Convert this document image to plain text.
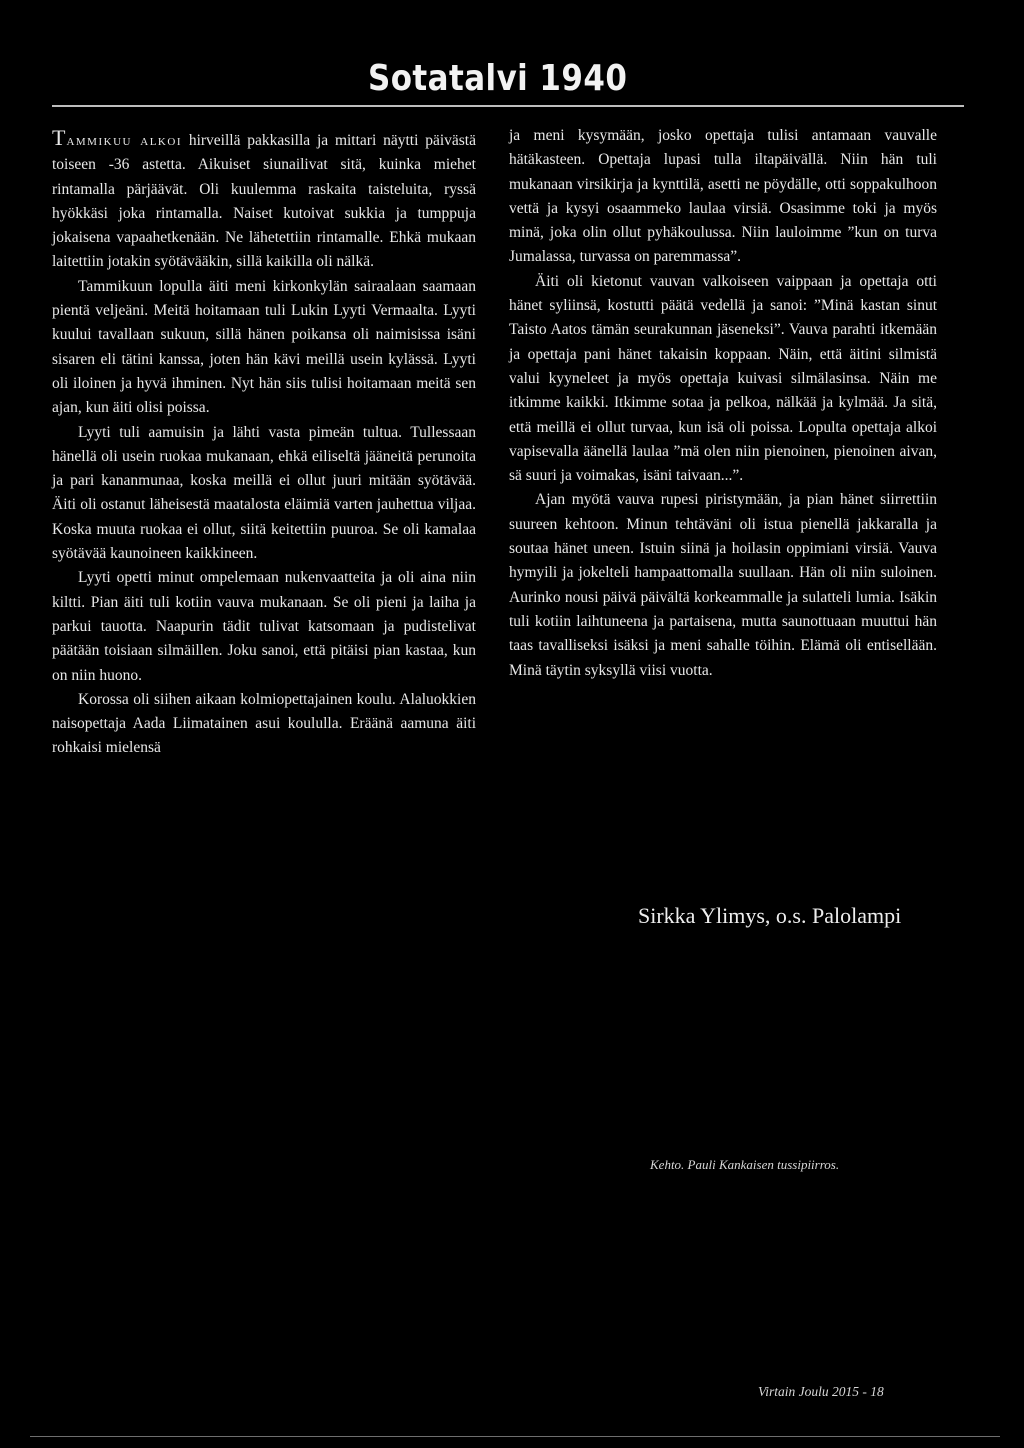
Sotatalvi 1940

Tammikuu alkoi hirveillä pakkasilla ja mittari näytti päivästä toiseen -36 astetta. Aikuiset siunailivat sitä, kuinka miehet rintamalla pärjäävät. Oli kuulemma raskaita taisteluita, ryssä hyökkäsi joka rintamalla. Naiset kutoivat sukkia ja tumppuja jokaisena vapaahetkenään. Ne lähetettiin rintamalle. Ehkä mukaan laitettiin jotakin syötävääkin, sillä kaikilla oli nälkä.

Tammikuun lopulla äiti meni kirkonkylän sairaalaan saamaan pientä veljeäni. Meitä hoitamaan tuli Lukin Lyyti Vermaalta. Lyyti kuului tavallaan sukuun, sillä hänen poikansa oli naimisissa isäni sisaren eli tätini kanssa, joten hän kävi meillä usein kylässä. Lyyti oli iloinen ja hyvä ihminen. Nyt hän siis tulisi hoitamaan meitä sen ajan, kun äiti olisi poissa.

Lyyti tuli aamuisin ja lähti vasta pimeän tultua. Tullessaan hänellä oli usein ruokaa mukanaan, ehkä eiliseltä jääneitä perunoita ja pari kananmunaa, koska meillä ei ollut juuri mitään syötävää. Äiti oli ostanut läheisestä maatalosta eläimiä varten jauhettua viljaa. Koska muuta ruokaa ei ollut, siitä keitettiin puuroa. Se oli kamalaa syötävää kaunoineen kaikkineen.

Lyyti opetti minut ompelemaan nukenvaatteita ja oli aina niin kiltti. Pian äiti tuli kotiin vauva mukanaan. Se oli pieni ja laiha ja parkui tauotta. Naapurin tädit tulivat katsomaan ja pudistelivat päätään toisiaan silmäillen. Joku sanoi, että pitäisi pian kastaa, kun on niin huono.

Korossa oli siihen aikaan kolmiopettajainen koulu. Alaluokkien naisopettaja Aada Liimatainen asui koululla. Eräänä aamuna äiti rohkaisi mielensä

ja meni kysymään, josko opettaja tulisi antamaan vauvalle hätäkasteen. Opettaja lupasi tulla iltapäivällä. Niin hän tuli mukanaan virsikirja ja kynttilä, asetti ne pöydälle, otti soppakulhoon vettä ja kysyi osaammeko laulaa virsiä. Osasimme toki ja myös minä, joka olin ollut pyhäkoulussa. Niin lauloimme ”kun on turva Jumalassa, turvassa on paremmassa”.

Äiti oli kietonut vauvan valkoiseen vaippaan ja opettaja otti hänet syliinsä, kostutti päätä vedellä ja sanoi: ”Minä kastan sinut Taisto Aatos tämän seurakunnan jäseneksi”. Vauva parahti itkemään ja opettaja pani hänet takaisin koppaan. Näin, että äitini silmistä valui kyyneleet ja myös opettaja kuivasi silmälasinsa. Näin me itkimme kaikki. Itkimme sotaa ja pelkoa, nälkää ja kylmää. Ja sitä, että meillä ei ollut turvaa, kun isä oli poissa. Lopulta opettaja alkoi vapisevalla äänellä laulaa ”mä olen niin pienoinen, pienoinen aivan, sä suuri ja voimakas, isäni taivaan...”.

Ajan myötä vauva rupesi piristymään, ja pian hänet siirrettiin suureen kehtoon. Minun tehtäväni oli istua pienellä jakkaralla ja soutaa hänet uneen. Istuin siinä ja hoilasin oppimiani virsiä. Vauva hymyili ja jokelteli hampaattomalla suullaan. Hän oli niin suloinen. Aurinko nousi päivä päivältä korkeammalle ja sulatteli lumia. Isäkin tuli kotiin laihtuneena ja partaisena, mutta saunottuaan muuttui hän taas tavalliseksi isäksi ja meni sahalle töihin. Elämä oli entisellään. Minä täytin syksyllä viisi vuotta.

Sirkka Ylimys, o.s. Palolampi
Kehto. Pauli Kankaisen tussipiirros.
Virtain Joulu 2015 - 18
